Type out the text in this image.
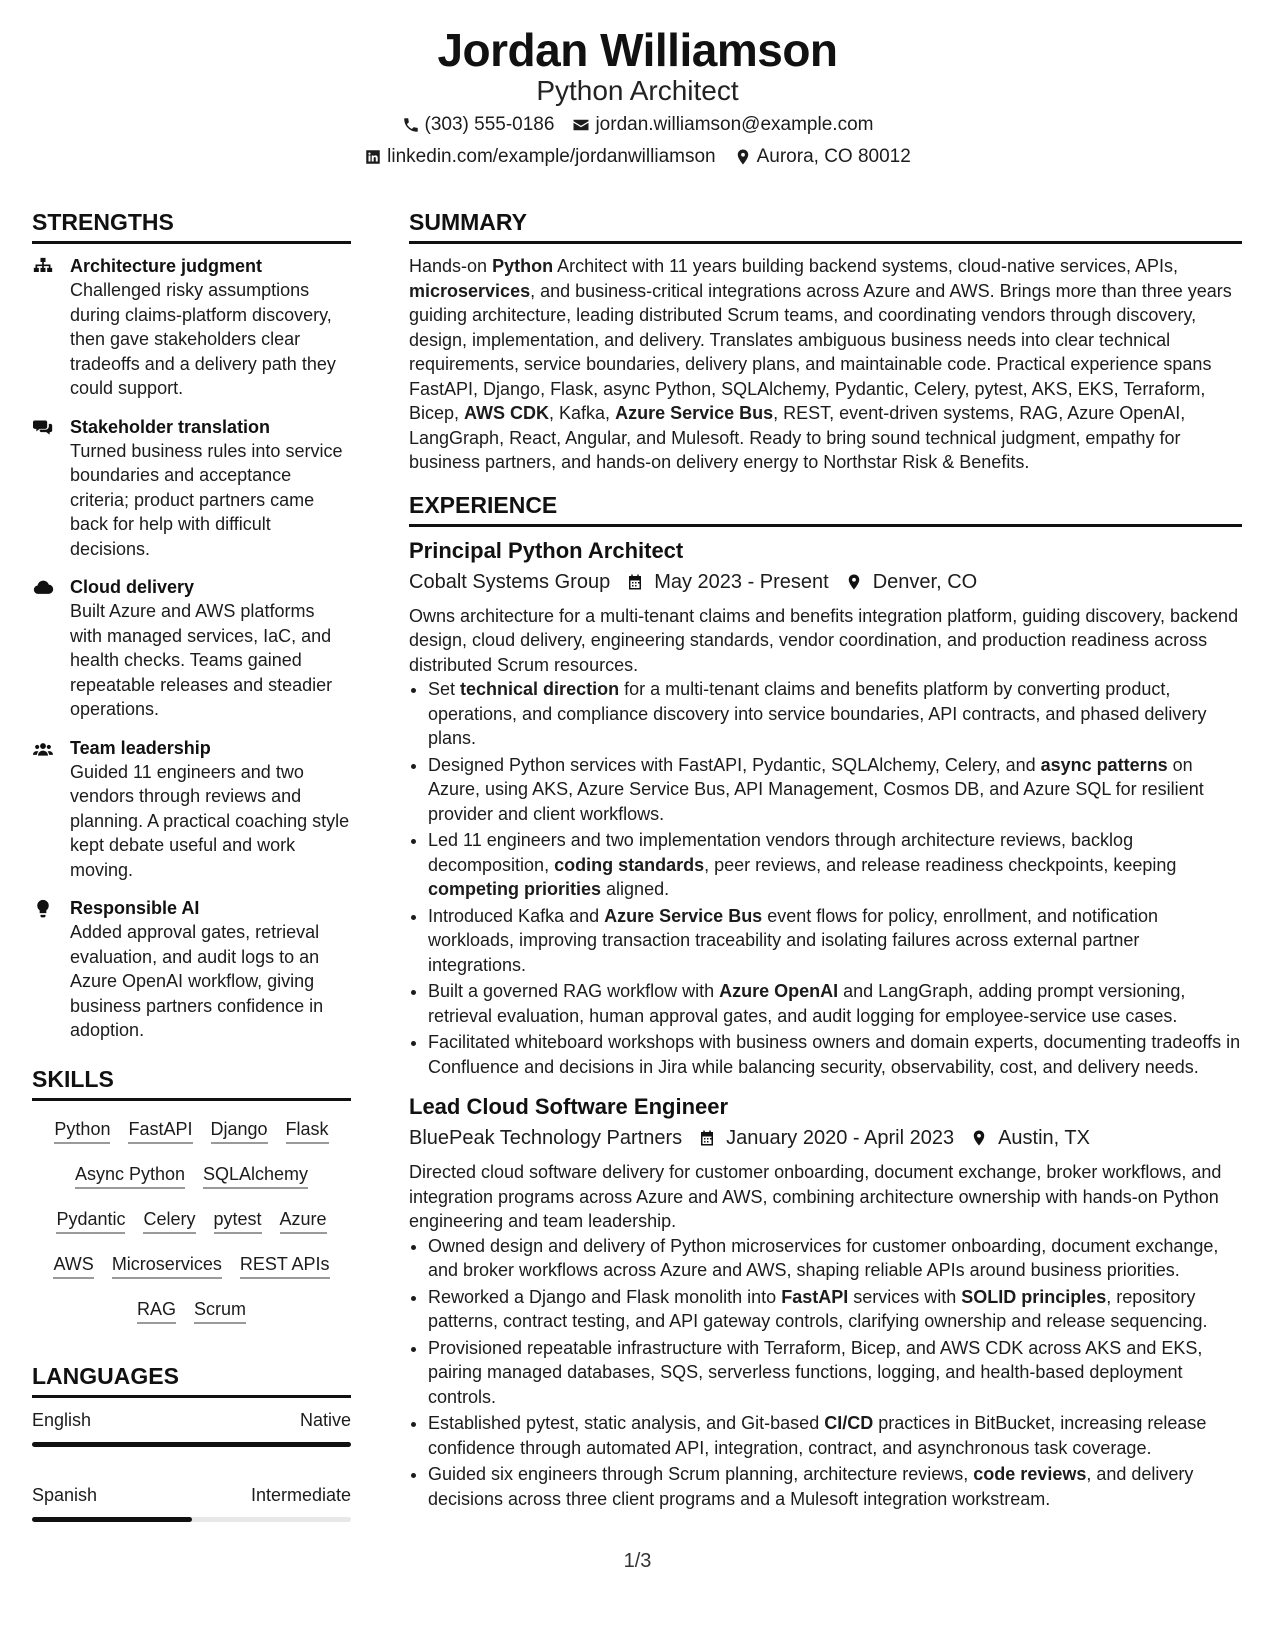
Jordan Williamson
Python Architect
(303) 555-0186 jordan.williamson@example.com
linkedin.com/example/jordanwilliamson Aurora, CO 80012
STRENGTHS
Architecture judgment
Challenged risky assumptions during claims-platform discovery, then gave stakeholders clear tradeoffs and a delivery path they could support.
Stakeholder translation
Turned business rules into service boundaries and acceptance criteria; product partners came back for help with difficult decisions.
Cloud delivery
Built Azure and AWS platforms with managed services, IaC, and health checks. Teams gained repeatable releases and steadier operations.
Team leadership
Guided 11 engineers and two vendors through reviews and planning. A practical coaching style kept debate useful and work moving.
Responsible AI
Added approval gates, retrieval evaluation, and audit logs to an Azure OpenAI workflow, giving business partners confidence in adoption.
SKILLS
Python FastAPI Django Flask
Async Python SQLAlchemy
Pydantic Celery pytest Azure
AWS Microservices REST APIs
RAG Scrum
LANGUAGES
English	Native
Spanish	Intermediate
SUMMARY
Hands-on Python Architect with 11 years building backend systems, cloud-native services, APIs, microservices, and business-critical integrations across Azure and AWS. Brings more than three years guiding architecture, leading distributed Scrum teams, and coordinating vendors through discovery, design, implementation, and delivery. Translates ambiguous business needs into clear technical requirements, service boundaries, delivery plans, and maintainable code. Practical experience spans FastAPI, Django, Flask, async Python, SQLAlchemy, Pydantic, Celery, pytest, AKS, EKS, Terraform, Bicep, AWS CDK, Kafka, Azure Service Bus, REST, event-driven systems, RAG, Azure OpenAI, LangGraph, React, Angular, and Mulesoft. Ready to bring sound technical judgment, empathy for business partners, and hands-on delivery energy to Northstar Risk & Benefits.
EXPERIENCE
Principal Python Architect
Cobalt Systems Group May 2023 - Present Denver, CO
Owns architecture for a multi-tenant claims and benefits integration platform, guiding discovery, backend design, cloud delivery, engineering standards, vendor coordination, and production readiness across distributed Scrum resources.
• Set technical direction for a multi-tenant claims and benefits platform by converting product, operations, and compliance discovery into service boundaries, API contracts, and phased delivery plans.
• Designed Python services with FastAPI, Pydantic, SQLAlchemy, Celery, and async patterns on Azure, using AKS, Azure Service Bus, API Management, Cosmos DB, and Azure SQL for resilient provider and client workflows.
• Led 11 engineers and two implementation vendors through architecture reviews, backlog decomposition, coding standards, peer reviews, and release readiness checkpoints, keeping competing priorities aligned.
• Introduced Kafka and Azure Service Bus event flows for policy, enrollment, and notification workloads, improving transaction traceability and isolating failures across external partner integrations.
• Built a governed RAG workflow with Azure OpenAI and LangGraph, adding prompt versioning, retrieval evaluation, human approval gates, and audit logging for employee-service use cases.
• Facilitated whiteboard workshops with business owners and domain experts, documenting tradeoffs in Confluence and decisions in Jira while balancing security, observability, cost, and delivery needs.
Lead Cloud Software Engineer
BluePeak Technology Partners January 2020 - April 2023 Austin, TX
Directed cloud software delivery for customer onboarding, document exchange, broker workflows, and integration programs across Azure and AWS, combining architecture ownership with hands-on Python engineering and team leadership.
• Owned design and delivery of Python microservices for customer onboarding, document exchange, and broker workflows across Azure and AWS, shaping reliable APIs around business priorities.
• Reworked a Django and Flask monolith into FastAPI services with SOLID principles, repository patterns, contract testing, and API gateway controls, clarifying ownership and release sequencing.
• Provisioned repeatable infrastructure with Terraform, Bicep, and AWS CDK across AKS and EKS, pairing managed databases, SQS, serverless functions, logging, and health-based deployment controls.
• Established pytest, static analysis, and Git-based CI/CD practices in BitBucket, increasing release confidence through automated API, integration, contract, and asynchronous task coverage.
• Guided six engineers through Scrum planning, architecture reviews, code reviews, and delivery decisions across three client programs and a Mulesoft integration workstream.
1/3
